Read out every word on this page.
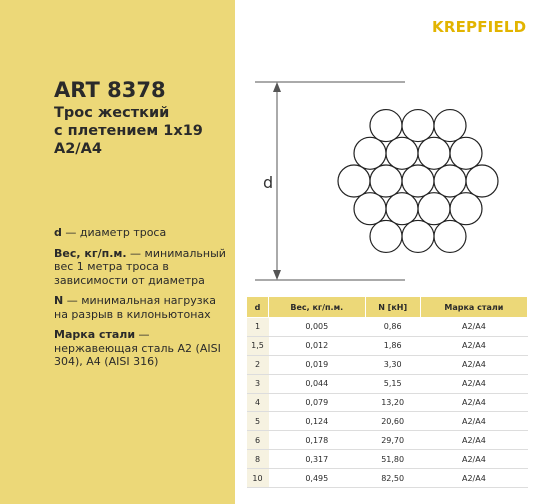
KREPFIELD
ART 8378
Трос жесткий
с плетением 1x19
A2/A4
d — диаметр троса
Вес, кг/п.м. — минимальный вес 1 метра троса в зависимости от диаметра
N — минимальная нагрузка на разрыв в килоньютонах
Марка стали — нержавеющая сталь A2 (AISI 304), A4 (AISI 316)
d
d	Вес, кг/п.м.	N [кН]	Марка стали
1	0,005	0,86	A2/A4
1,5	0,012	1,86	A2/A4
2	0,019	3,30	A2/A4
3	0,044	5,15	A2/A4
4	0,079	13,20	A2/A4
5	0,124	20,60	A2/A4
6	0,178	29,70	A2/A4
8	0,317	51,80	A2/A4
10	0,495	82,50	A2/A4
